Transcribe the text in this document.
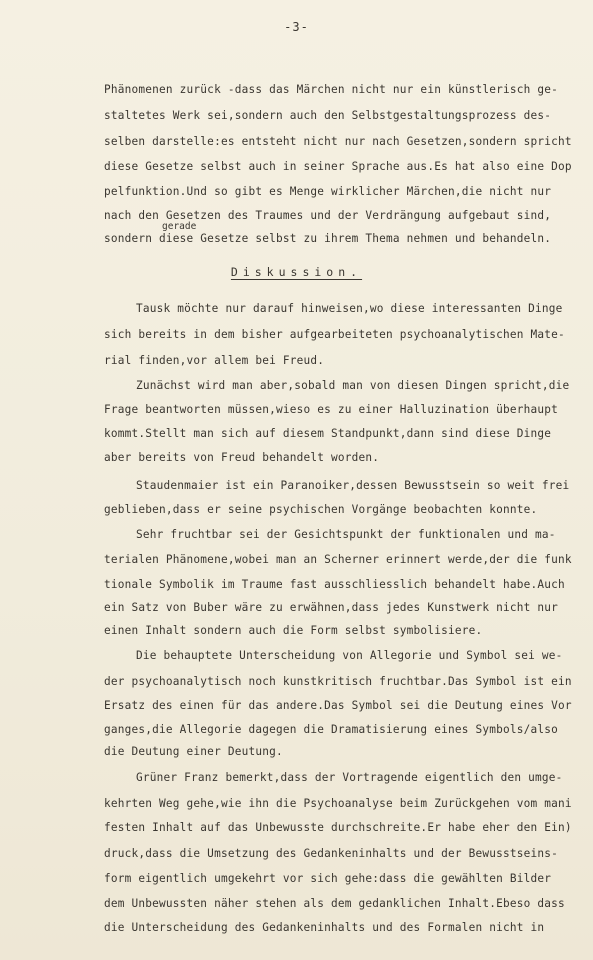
-3-
Phänomenen zurück -dass das Märchen nicht nur ein künstlerisch ge-
staltetes Werk sei,sondern auch den Selbstgestaltungsprozess des-
selben darstelle:es entsteht nicht nur nach Gesetzen,sondern spricht
diese Gesetze selbst auch in seiner Sprache aus.Es hat also eine Dop
pelfunktion.Und so gibt es Menge wirklicher Märchen,die nicht nur
nach den Gesetzen des Traumes und der Verdrängung aufgebaut sind,
gerade
sondern diese Gesetze selbst zu ihrem Thema nehmen und behandeln.
Diskussion.
Tausk möchte nur darauf hinweisen,wo diese interessanten Dinge
sich bereits in dem bisher aufgearbeiteten psychoanalytischen Mate-
rial finden,vor allem bei Freud.
Zunächst wird man aber,sobald man von diesen Dingen spricht,die
Frage beantworten müssen,wieso es zu einer Halluzination überhaupt
kommt.Stellt man sich auf diesem Standpunkt,dann sind diese Dinge
aber bereits von Freud behandelt worden.
Staudenmaier ist ein Paranoiker,dessen Bewusstsein so weit frei
geblieben,dass er seine psychischen Vorgänge beobachten konnte.
Sehr fruchtbar sei der Gesichtspunkt der funktionalen und ma-
terialen Phänomene,wobei man an Scherner erinnert werde,der die funk
tionale Symbolik im Traume fast ausschliesslich behandelt habe.Auch
ein Satz von Buber wäre zu erwähnen,dass jedes Kunstwerk nicht nur
einen Inhalt sondern auch die Form selbst symbolisiere.
Die behauptete Unterscheidung von Allegorie und Symbol sei we-
der psychoanalytisch noch kunstkritisch fruchtbar.Das Symbol ist ein
Ersatz des einen für das andere.Das Symbol sei die Deutung eines Vor
ganges,die Allegorie dagegen die Dramatisierung eines Symbols/also
die Deutung einer Deutung.
Grüner Franz bemerkt,dass der Vortragende eigentlich den umge-
kehrten Weg gehe,wie ihn die Psychoanalyse beim Zurückgehen vom mani
festen Inhalt auf das Unbewusste durchschreite.Er habe eher den Ein)
druck,dass die Umsetzung des Gedankeninhalts und der Bewusstseins-
form eigentlich umgekehrt vor sich gehe:dass die gewählten Bilder
dem Unbewussten näher stehen als dem gedanklichen Inhalt.Ebeso dass
die Unterscheidung des Gedankeninhalts und des Formalen nicht in
